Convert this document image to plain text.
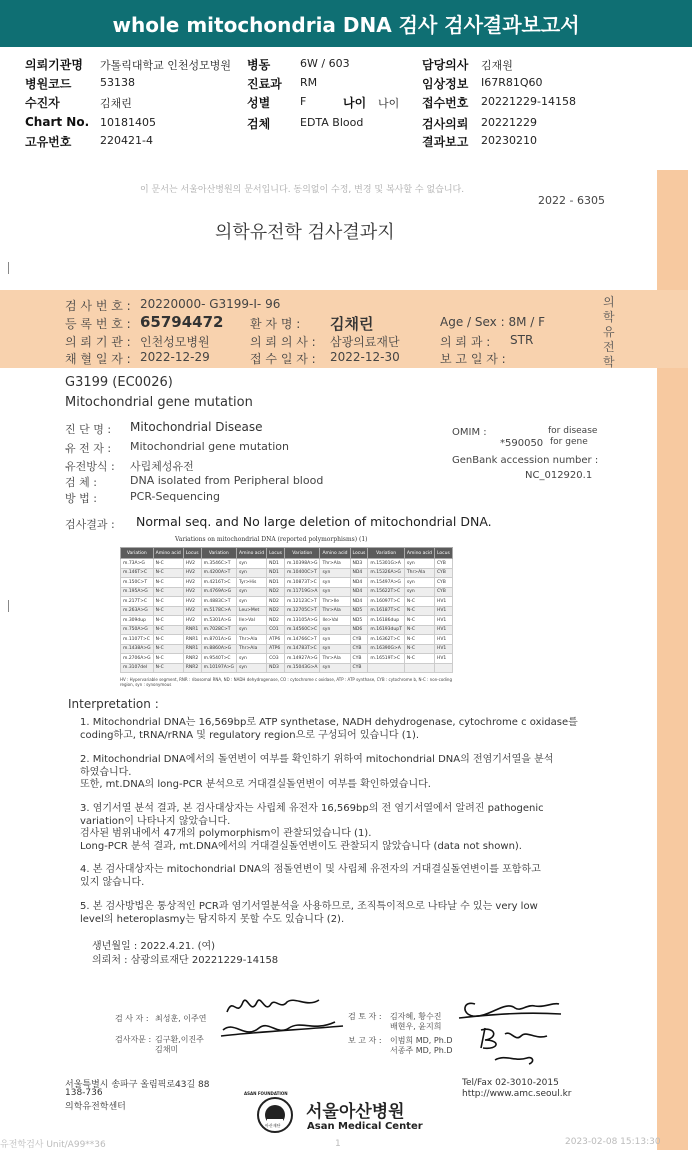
whole mitochondria DNA 검사 검사결과보고서
의뢰기관명 가톨릭대학교 인천성모병원 병동	6W / 603	담당의사 김재원
병원코드	53138	진료과 RM	임상정보 I67R81Q60
수진자	김채린	성별	F	나이 나이 접수번호 20221229-14158
Chart No. 10181405	검체	EDTA Blood	검사의뢰 20221229
고유번호	220421-4	결과보고 20230210
이 문서는 서울아산병원의 문서입니다. 동의없이 수정, 변경 및 복사할 수 없습니다.
2022 - 6305
의학유전학 검사결과지
의학유전학
검 사 번 호 : 20220000- G3199-I- 96
등 록 번 호 : 65794472 환 자 명 : 김채린	Age / Sex : 8M / F
의 뢰 기 관 : 인천성모병원	의 뢰 의 사 : 삼광의료재단	의 뢰 과 : STR
채 혈 일 자 : 2022-12-29	접 수 일 자 : 2022-12-30	보 고 일 자 :
G3199 (EC0026)
Mitochondrial gene mutation
진 단 명 : Mitochondrial Disease
유 전 자 : Mitochondrial gene mutation
유전방식 : 사립체성유전
검 체 :	DNA isolated from Peripheral blood
방 법 :	PCR-Sequencing
OMIM :	for disease
*590050 for gene
GenBank accession number :
NC_012920.1
검사결과 : Normal seq. and No large deletion of mitochondrial DNA.
Variations on mitochondrial DNA (reported polymorphisms) (1)
Variation	Amino acid	Locus	Variation	Amino acid	Locus	Variation	Amino acid	Locus	Variation	Amino acid	Locus
m.73A>G	N-C	HV2	m.3546C>T	syn	ND1	m.10398A>G	Thr>Ala	ND3	m.15301G>A	syn	CYB
m.146T>C	N-C	HV2	m.4200A>T	syn	ND1	m.10400C>T	syn	ND4	m.15326A>G	Thr>Ala	CYB
m.150C>T	N-C	HV2	m.4216T>C	Tyr>His	ND1	m.10873T>C	syn	ND4	m.15497A>G	syn	CYB
m.195A>G	N-C	HV2	m.4769A>G	syn	ND2	m.11719G>A	syn	ND4	m.15622T>C	syn	CYB
m.217T>C	N-C	HV2	m.4883C>T	syn	ND2	m.12123C>T	Thr>Ile	ND4	m.16097T>C	N-C	HV1
m.263A>G	N-C	HV2	m.5178C>A	Leu>Met	ND2	m.12705C>T	Thr>Ala	ND5	m.16187T>C	N-C	HV1
m.309dup	N-C	HV2	m.5301A>G	Ile>Val	ND2	m.13105A>G	Ile>Val	ND5	m.16186dup	N-C	HV1
m.750A>G	N-C	RNR1	m.7028C>T	syn	CO1	m.14560C>C	syn	ND6	m.16193dupT	N-C	HV1
m.1107T>C	N-C	RNR1	m.8701A>G	Thr>Ala	ATP6	m.14766C>T	syn	CYB	m.16362T>C	N-C	HV1
m.1438A>G	N-C	RNR1	m.8860A>G	Thr>Ala	ATP6	m.14783T>C	syn	CYB	m.16390G>A	N-C	HV1
m.2706A>G	N-C	RNR2	m.9540T>C	syn	CO3	m.14927A>G	Thr>Ala	CYB	m.16519T>C	N-C	HV1
m.3107del	N-C	RNR2	m.10197A>G	syn	ND3	m.15043G>A	syn	CYB			
HV : Hypervariable segment, RNR : ribosomal RNA, ND : NADH dehydrogenase, CO : cytochrome c oxidase, ATP : ATP synthase, CYB : cytochrome b, N-C : non-coding region, syn : synonymous
Interpretation :
1. Mitochondrial DNA는 16,569bp로 ATP synthetase, NADH dehydrogenase, cytochrome c oxidase를
coding하고, tRNA/rRNA 및 regulatory region으로 구성되어 있습니다 (1).
2. Mitochondrial DNA에서의 돌연변이 여부를 확인하기 위하여 mitochondrial DNA의 전염기서열을 분석
하였습니다.
또한, mt.DNA의 long-PCR 분석으로 거대결실돌연변이 여부를 확인하였습니다.
3. 염기서열 분석 결과, 본 검사대상자는 사립체 유전자 16,569bp의 전 염기서열에서 알려진 pathogenic
variation이 나타나지 않았습니다.
검사된 범위내에서 47개의 polymorphism이 관찰되었습니다 (1).
Long-PCR 분석 결과, mt.DNA에서의 거대결실돌연변이도 관찰되지 않았습니다 (data not shown).
4. 본 검사대상자는 mitochondrial DNA의 점돌연변이 및 사립체 유전자의 거대결실돌연변이를 포함하고
있지 않습니다.
5. 본 검사방법은 통상적인 PCR과 염기서열분석을 사용하므로, 조직특이적으로 나타날 수 있는 very low
level의 heteroplasmy는 탐지하지 못할 수도 있습니다 (2).
생년월일 : 2022.4.21. (여)
의뢰처 : 삼광의료재단 20221229-14158
검 사 자 : 최성훈, 이주연
검사자문 : 김구환,이진주
김채미
검 토 자 : 김자혜, 황수진
배현우, 윤지희
보 고 자 : 이범희 MD, Ph.D
서종주 MD, Ph.D
서울특별시 송파구 올림픽로43길 88
138-736
의학유전학센터
Tel/Fax 02-3010-2015
http://www.amc.seoul.kr
ASAN FOUNDATION
아산재단
서울아산병원
Asan Medical Center
유전학검사 Unit/A99**36	1	2023-02-08 15:13:30
